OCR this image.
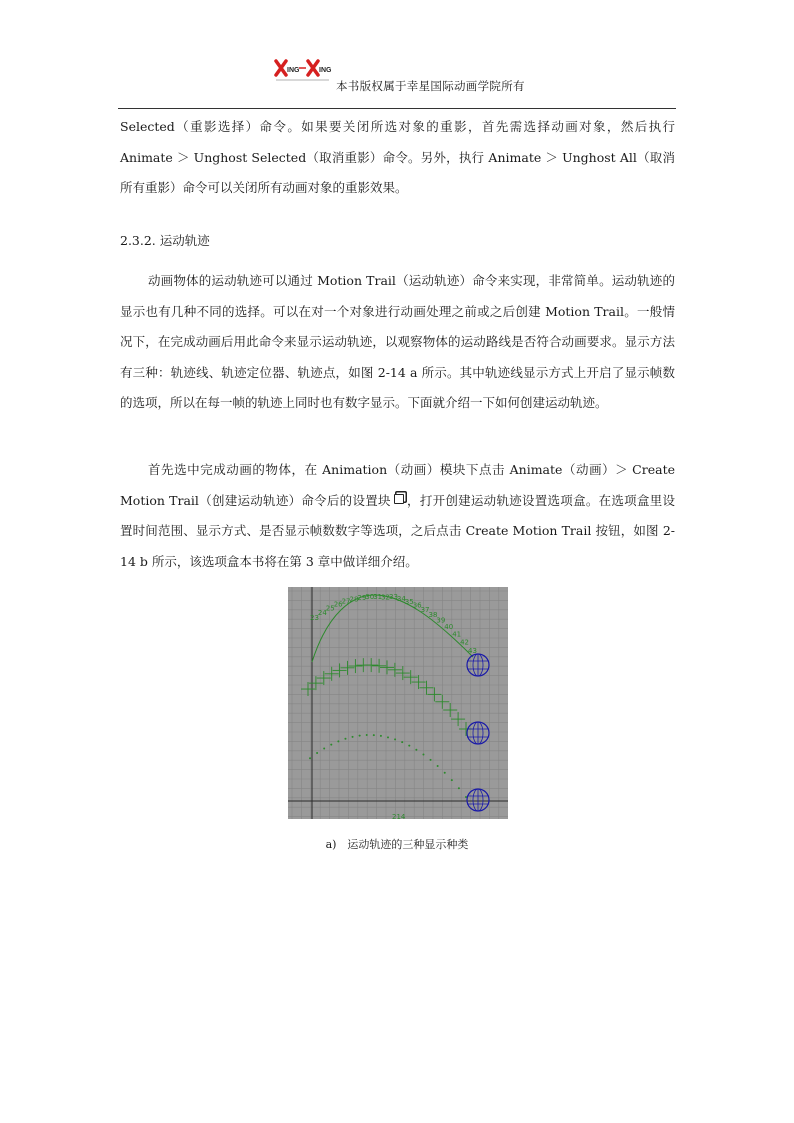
ING	ING
本书版权属于幸星国际动画学院所有

Selected（重影选择）命令。如果要关闭所选对象的重影，首先需选择动画对象，然后执行 Animate ＞ Unghost Selected（取消重影）命令。另外，执行 Animate ＞ Unghost All（取消所有重影）命令可以关闭所有动画对象的重影效果。

2.3.2. 运动轨迹

动画物体的运动轨迹可以通过 Motion Trail（运动轨迹）命令来实现，非常简单。运动轨迹的显示也有几种不同的选择。可以在对一个对象进行动画处理之前或之后创建 Motion Trail。一般情况下，在完成动画后用此命令来显示运动轨迹，以观察物体的运动路线是否符合动画要求。显示方法有三种：轨迹线、轨迹定位器、轨迹点，如图 2-14 a 所示。其中轨迹线显示方式上开启了显示帧数的选项，所以在每一帧的轨迹上同时也有数字显示。下面就介绍一下如何创建运动轨迹。

首先选中完成动画的物体，在 Animation（动画）模块下点击 Animate（动画）＞ Create Motion Trail（创建运动轨迹）命令后的设置块 ，打开创建运动轨迹设置选项盒。在选项盒里设置时间范围、显示方式、是否显示帧数数字等选项，之后点击 Create Motion Trail 按钮，如图 2-14 b 所示，该选项盒本书将在第 3 章中做详细介绍。

23
24
25
26
27
28
29
30
31
32
33
34
35
36
37
38
39
40
41
42
43
214

a)　运动轨迹的三种显示种类
